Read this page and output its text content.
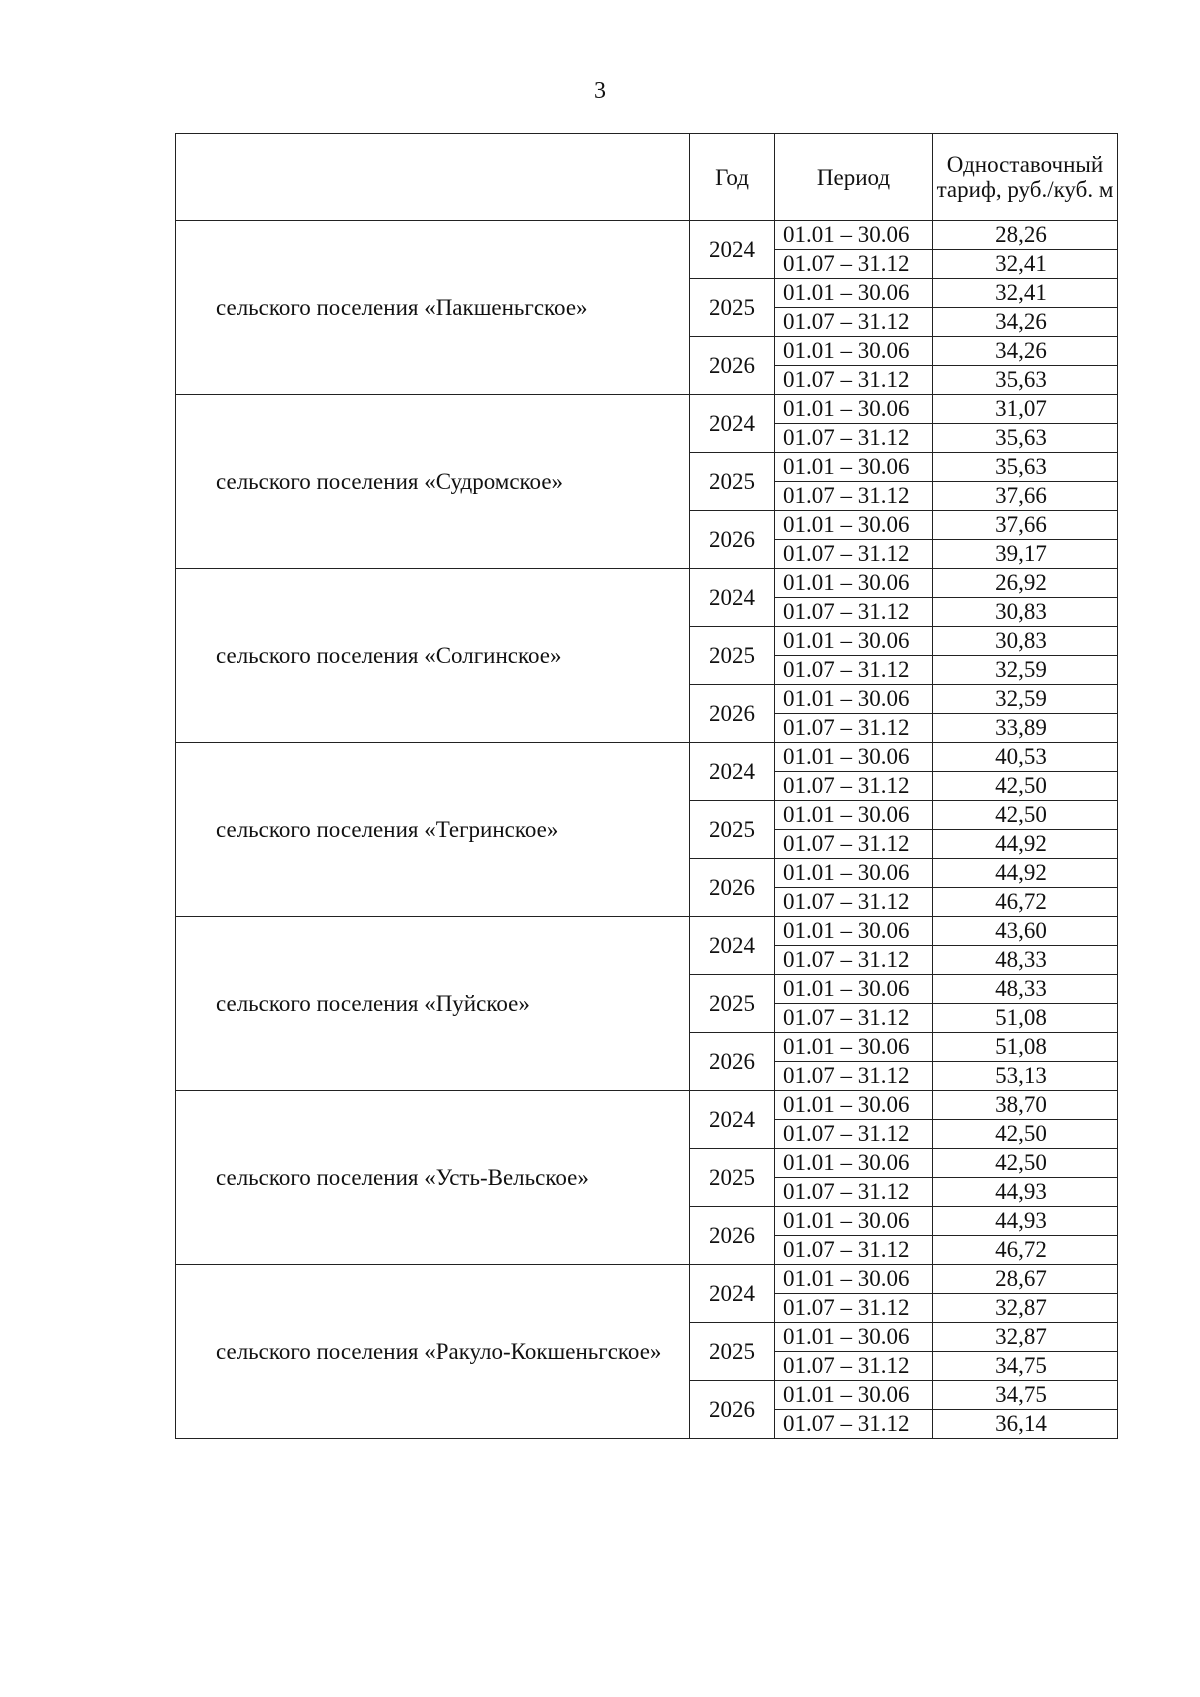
3
	Год	Период	Одноставочный тариф, руб./куб. м
сельского поселения «Пакшеньгское»	2024	01.01 – 30.06	28,26
		01.07 – 31.12	32,41
	2025	01.01 – 30.06	32,41
		01.07 – 31.12	34,26
	2026	01.01 – 30.06	34,26
		01.07 – 31.12	35,63
сельского поселения «Судромское»	2024	01.01 – 30.06	31,07
		01.07 – 31.12	35,63
	2025	01.01 – 30.06	35,63
		01.07 – 31.12	37,66
	2026	01.01 – 30.06	37,66
		01.07 – 31.12	39,17
сельского поселения «Солгинское»	2024	01.01 – 30.06	26,92
		01.07 – 31.12	30,83
	2025	01.01 – 30.06	30,83
		01.07 – 31.12	32,59
	2026	01.01 – 30.06	32,59
		01.07 – 31.12	33,89
сельского поселения «Тегринское»	2024	01.01 – 30.06	40,53
		01.07 – 31.12	42,50
	2025	01.01 – 30.06	42,50
		01.07 – 31.12	44,92
	2026	01.01 – 30.06	44,92
		01.07 – 31.12	46,72
сельского поселения «Пуйское»	2024	01.01 – 30.06	43,60
		01.07 – 31.12	48,33
	2025	01.01 – 30.06	48,33
		01.07 – 31.12	51,08
	2026	01.01 – 30.06	51,08
		01.07 – 31.12	53,13
сельского поселения «Усть-Вельское»	2024	01.01 – 30.06	38,70
		01.07 – 31.12	42,50
	2025	01.01 – 30.06	42,50
		01.07 – 31.12	44,93
	2026	01.01 – 30.06	44,93
		01.07 – 31.12	46,72
сельского поселения «Ракуло-Кокшеньгское»	2024	01.01 – 30.06	28,67
		01.07 – 31.12	32,87
	2025	01.01 – 30.06	32,87
		01.07 – 31.12	34,75
	2026	01.01 – 30.06	34,75
		01.07 – 31.12	36,14
